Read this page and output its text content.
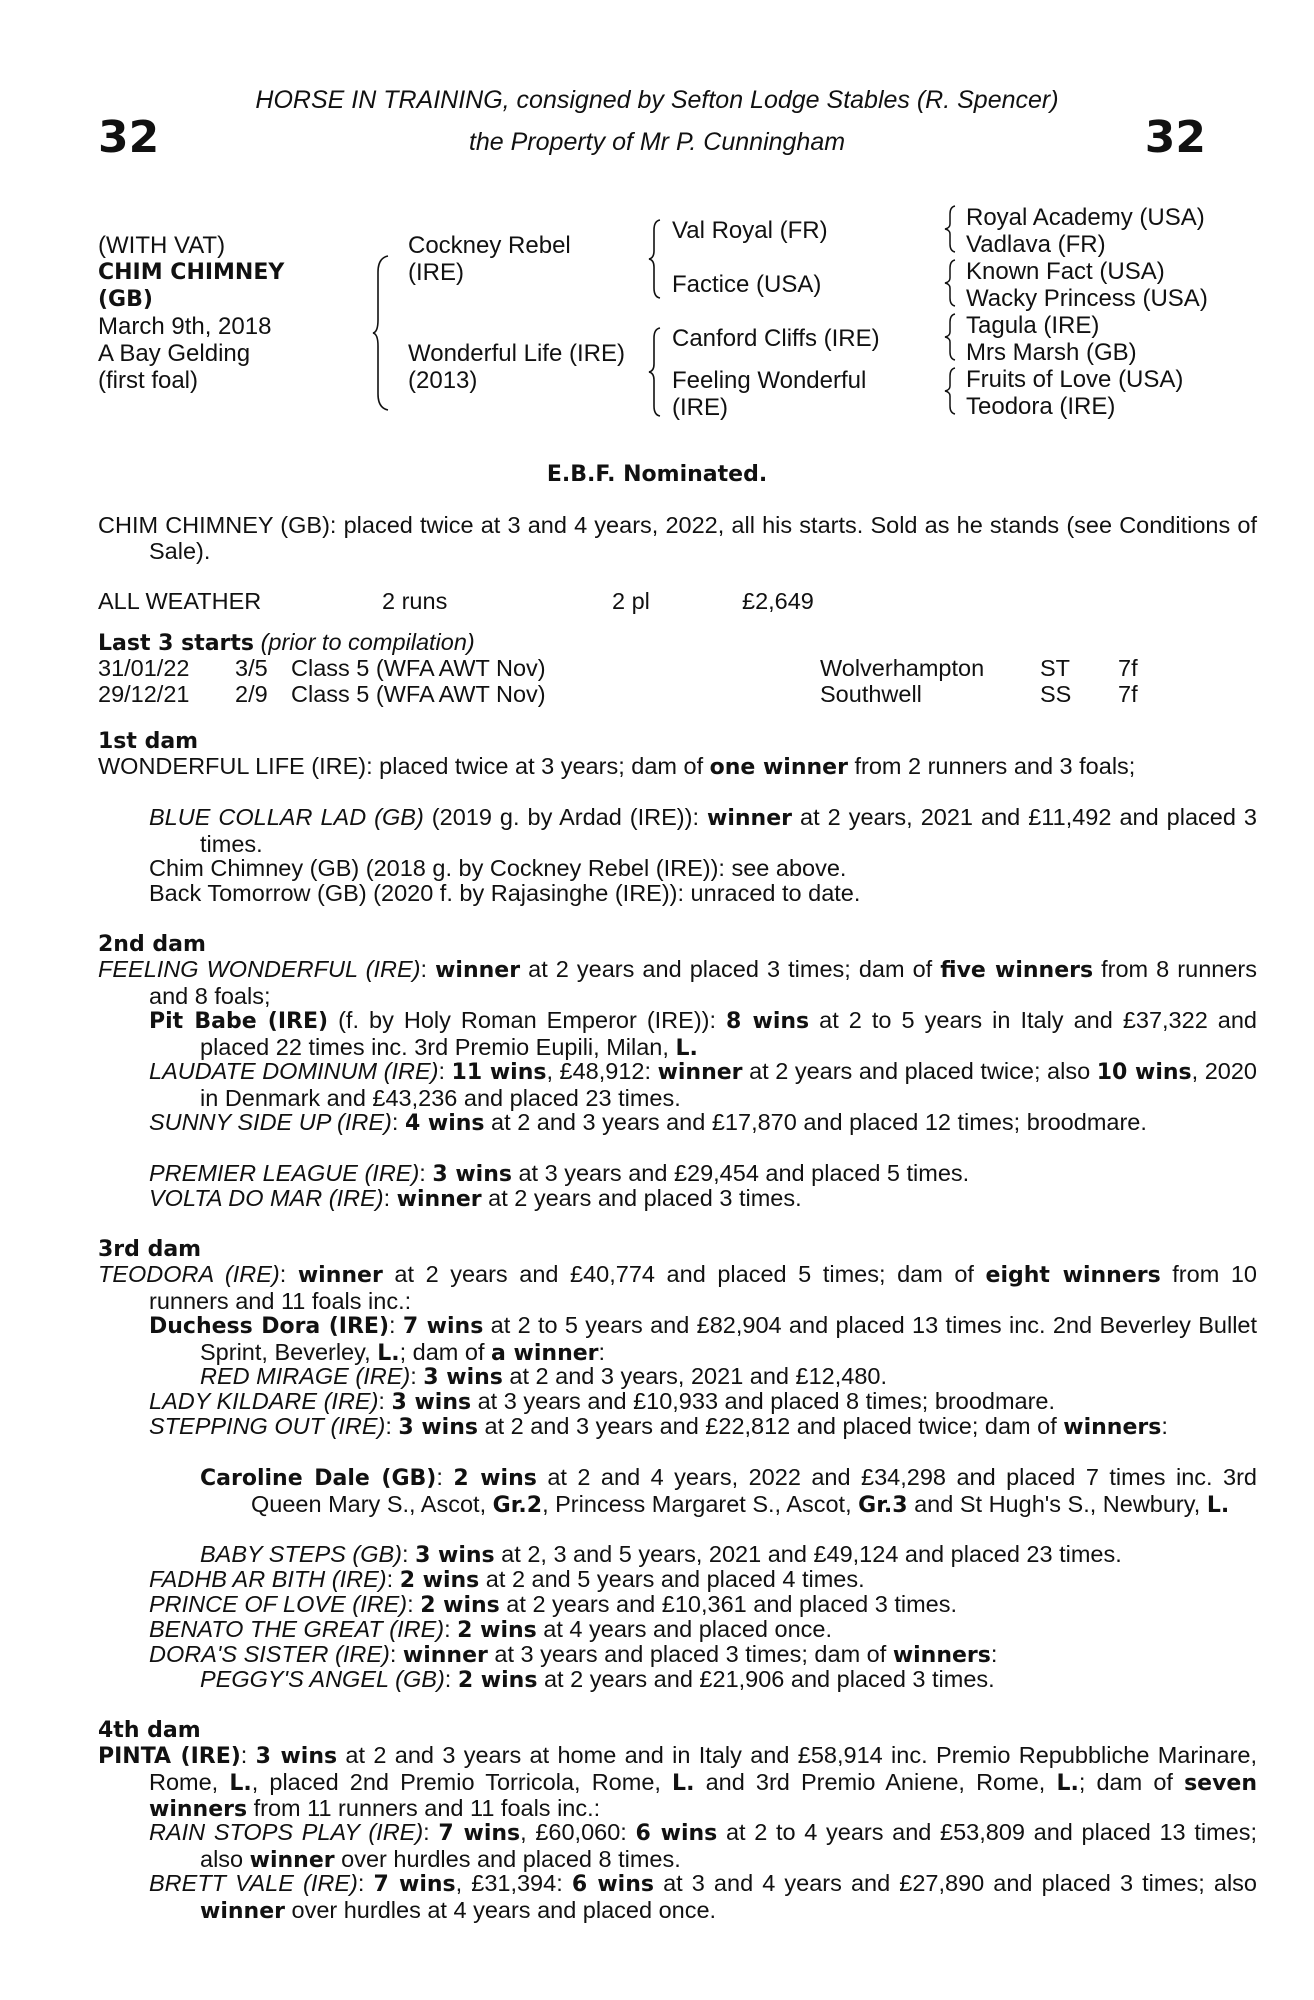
32	32
HORSE IN TRAINING, consigned by Sefton Lodge Stables (R. Spencer)
the Property of Mr P. Cunningham
(WITH VAT)
CHIM CHIMNEY
(GB)
March 9th, 2018
A Bay Gelding
(first foal)
Cockney Rebel
(IRE)
Wonderful Life (IRE)
(2013)
Val Royal (FR)
Factice (USA)
Canford Cliffs (IRE)
Feeling Wonderful
(IRE)
Royal Academy (USA)
Vadlava (FR)
Known Fact (USA)
Wacky Princess (USA)
Tagula (IRE)
Mrs Marsh (GB)
Fruits of Love (USA)
Teodora (IRE)
E.B.F. Nominated.
CHIM CHIMNEY (GB): placed twice at 3 and 4 years, 2022, all his starts. Sold as he stands (see Conditions of Sale).
ALL WEATHER	2 runs	2 pl	£2,649
Last 3 starts (prior to compilation)
31/01/22 3/5 Class 5 (WFA AWT Nov)	Wolverhampton ST 7f
29/12/21 2/9 Class 5 (WFA AWT Nov)	Southwell	SS 7f
1st dam
WONDERFUL LIFE (IRE): placed twice at 3 years; dam of one winner from 2 runners and 3 foals;
BLUE COLLAR LAD (GB) (2019 g. by Ardad (IRE)): winner at 2 years, 2021 and £11,492 and placed 3 times.
Chim Chimney (GB) (2018 g. by Cockney Rebel (IRE)): see above.
Back Tomorrow (GB) (2020 f. by Rajasinghe (IRE)): unraced to date.
2nd dam
FEELING WONDERFUL (IRE): winner at 2 years and placed 3 times; dam of five winners from 8 runners and 8 foals;
Pit Babe (IRE) (f. by Holy Roman Emperor (IRE)): 8 wins at 2 to 5 years in Italy and £37,322 and placed 22 times inc. 3rd Premio Eupili, Milan, L.
LAUDATE DOMINUM (IRE): 11 wins, £48,912: winner at 2 years and placed twice; also 10 wins, 2020 in Denmark and £43,236 and placed 23 times.
SUNNY SIDE UP (IRE): 4 wins at 2 and 3 years and £17,870 and placed 12 times; broodmare.
PREMIER LEAGUE (IRE): 3 wins at 3 years and £29,454 and placed 5 times.
VOLTA DO MAR (IRE): winner at 2 years and placed 3 times.
3rd dam
TEODORA (IRE): winner at 2 years and £40,774 and placed 5 times; dam of eight winners from 10 runners and 11 foals inc.:
Duchess Dora (IRE): 7 wins at 2 to 5 years and £82,904 and placed 13 times inc. 2nd Beverley Bullet Sprint, Beverley, L.; dam of a winner:
RED MIRAGE (IRE): 3 wins at 2 and 3 years, 2021 and £12,480.
LADY KILDARE (IRE): 3 wins at 3 years and £10,933 and placed 8 times; broodmare.
STEPPING OUT (IRE): 3 wins at 2 and 3 years and £22,812 and placed twice; dam of winners:
Caroline Dale (GB): 2 wins at 2 and 4 years, 2022 and £34,298 and placed 7 times inc. 3rd Queen Mary S., Ascot, Gr.2, Princess Margaret S., Ascot, Gr.3 and St Hugh's S., Newbury, L.
BABY STEPS (GB): 3 wins at 2, 3 and 5 years, 2021 and £49,124 and placed 23 times.
FADHB AR BITH (IRE): 2 wins at 2 and 5 years and placed 4 times.
PRINCE OF LOVE (IRE): 2 wins at 2 years and £10,361 and placed 3 times.
BENATO THE GREAT (IRE): 2 wins at 4 years and placed once.
DORA'S SISTER (IRE): winner at 3 years and placed 3 times; dam of winners:
PEGGY'S ANGEL (GB): 2 wins at 2 years and £21,906 and placed 3 times.
4th dam
PINTA (IRE): 3 wins at 2 and 3 years at home and in Italy and £58,914 inc. Premio Repubbliche Marinare, Rome, L., placed 2nd Premio Torricola, Rome, L. and 3rd Premio Aniene, Rome, L.; dam of seven winners from 11 runners and 11 foals inc.:
RAIN STOPS PLAY (IRE): 7 wins, £60,060: 6 wins at 2 to 4 years and £53,809 and placed 13 times; also winner over hurdles and placed 8 times.
BRETT VALE (IRE): 7 wins, £31,394: 6 wins at 3 and 4 years and £27,890 and placed 3 times; also winner over hurdles at 4 years and placed once.
